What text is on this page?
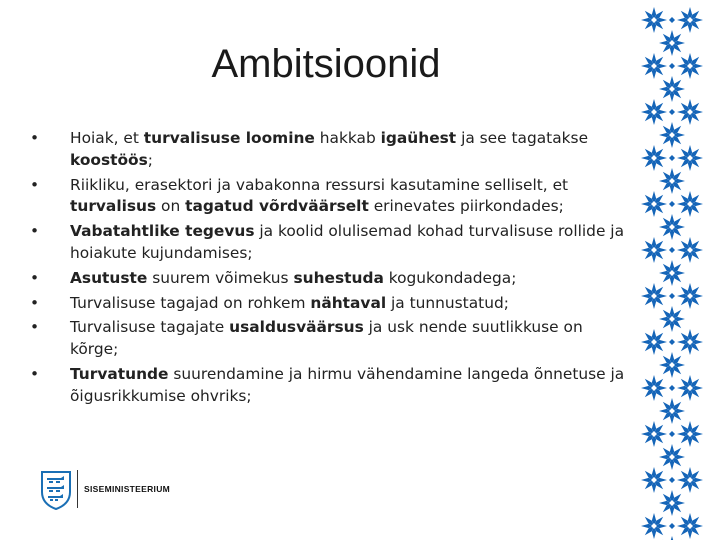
Ambitsioonid
•	Hoiak, et turvalisuse loomine hakkab igaühest ja see tagatakse koostöös;
•	Riikliku, erasektori ja vabakonna ressursi kasutamine selliselt, et turvalisus on tagatud võrdväärselt erinevates piirkondades;
•	Vabatahtlike tegevus ja koolid olulisemad kohad turvalisuse rollide ja hoiakute kujundamises;
•	Asutuste suurem võimekus suhestuda kogukondadega;
•	Turvalisuse tagajad on rohkem nähtaval ja tunnustatud;
•	Turvalisuse tagajate usaldusväärsus ja usk nende suutlikkuse on kõrge;
•	Turvatunde suurendamine ja hirmu vähendamine langeda õnnetuse ja õigusrikkumise ohvriks;
SISEMINISTEERIUM
